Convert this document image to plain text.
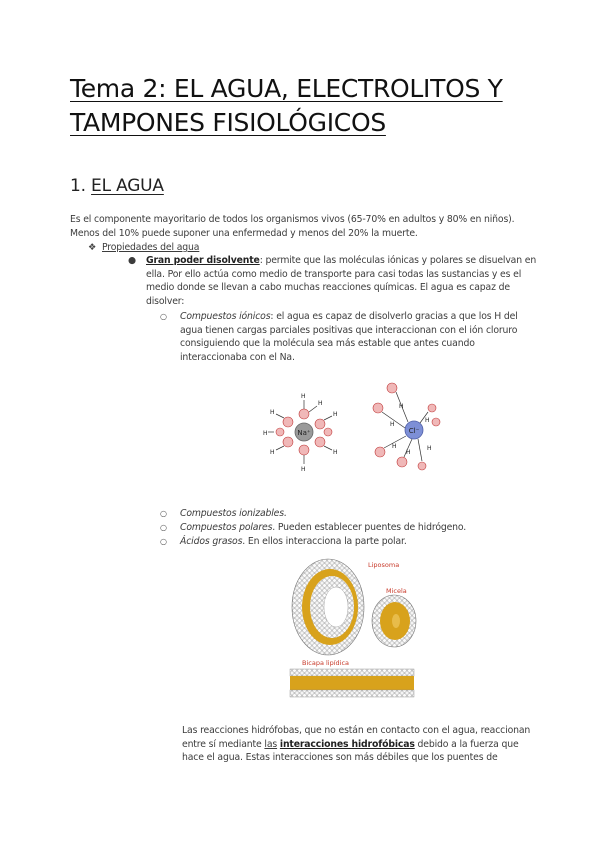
Tema 2: EL AGUA, ELECTROLITOS Y TAMPONES FISIOLÓGICOS
1. EL AGUA
Es el componente mayoritario de todos los organismos vivos (65-70% en adultos y 80% en niños). Menos del 10% puede suponer una enfermedad y menos del 20% la muerte.
❖ Propiedades del agua
● Gran poder disolvente: permite que las moléculas iónicas y polares se disuelvan en ella. Por ello actúa como medio de transporte para casi todas las sustancias y es el medio donde se llevan a cabo muchas reacciones químicas. El agua es capaz de disolver:
○ Compuestos iónicos: el agua es capaz de disolverlo gracias a que los H del agua tienen cargas parciales positivas que interaccionan con el ión cloruro consiguiendo que la molécula sea más estable que antes cuando interaccionaba con el Na.
Na⁺
H
H
H
H
H
H
H
H	Cl⁻
H
H
H
H
H
H
○ Compuestos ionizables.
○ Compuestos polares. Pueden establecer puentes de hidrógeno.
○ Ácidos grasos. En ellos interacciona la parte polar.
Liposoma
Micela
Bicapa lipídica
Las reacciones hidrófobas, que no están en contacto con el agua, reaccionan entre sí mediante las interacciones hidrofóbicas debido a la fuerza que hace el agua. Estas interacciones son más débiles que los puentes de
